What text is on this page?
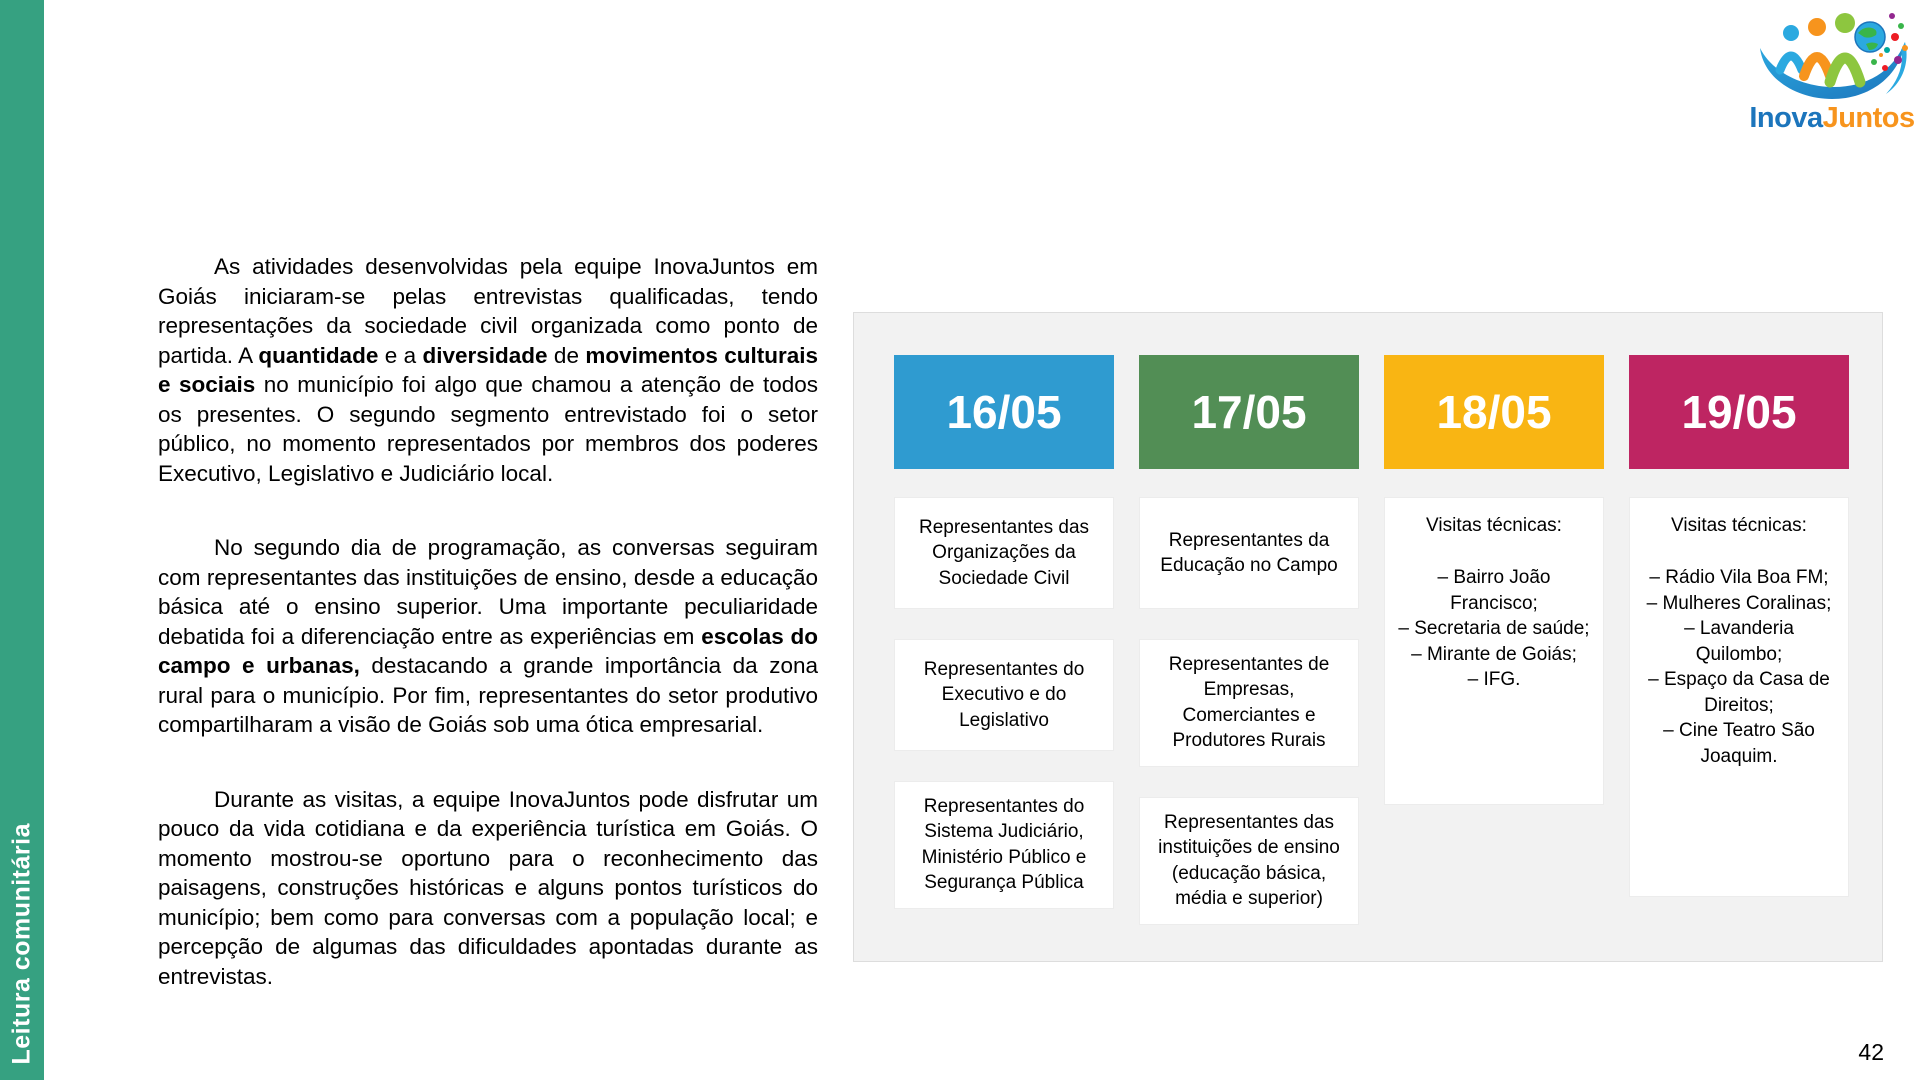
Leitura comunitária
InovaJuntos

As atividades desenvolvidas pela equipe InovaJuntos em Goiás iniciaram-se pelas entrevistas qualificadas, tendo representações da sociedade civil organizada como ponto de partida. A quantidade e a diversidade de movimentos culturais e sociais no município foi algo que chamou a atenção de todos os presentes. O segundo segmento entrevistado foi o setor público, no momento representados por membros dos poderes Executivo, Legislativo e Judiciário local.

No segundo dia de programação, as conversas seguiram com representantes das instituições de ensino, desde a educação básica até o ensino superior. Uma importante peculiaridade debatida foi a diferenciação entre as experiências em escolas do campo e urbanas, destacando a grande importância da zona rural para o município. Por fim, representantes do setor produtivo compartilharam a visão de Goiás sob uma ótica empresarial.

Durante as visitas, a equipe InovaJuntos pode disfrutar um pouco da vida cotidiana e da experiência turística em Goiás. O momento mostrou-se oportuno para o reconhecimento das paisagens, construções históricas e alguns pontos turísticos do município; bem como para conversas com a população local; e percepção de algumas das dificuldades apontadas durante as entrevistas.

16/05
Representantes das Organizações da Sociedade Civil
Representantes do Executivo e do Legislativo
Representantes do Sistema Judiciário, Ministério Público e Segurança Pública
17/05
Representantes da Educação no Campo
Representantes de Empresas, Comerciantes e Produtores Rurais
Representantes das instituições de ensino (educação básica, média e superior)
18/05
Visitas técnicas:
– Bairro João Francisco;
– Secretaria de saúde;
– Mirante de Goiás;
– IFG.
19/05
Visitas técnicas:
– Rádio Vila Boa FM;
– Mulheres Coralinas;
– Lavanderia Quilombo;
– Espaço da Casa de Direitos;
– Cine Teatro São Joaquim.
42
